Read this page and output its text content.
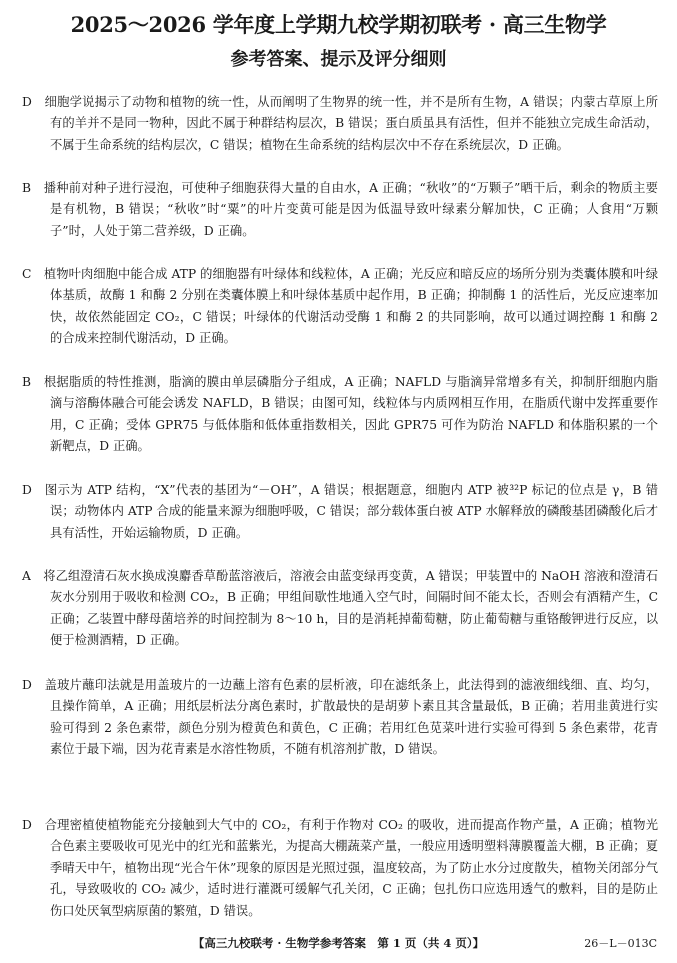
2025～2026 学年度上学期九校学期初联考 · 高三生物学
参考答案、提示及评分细则

D　 细胞学说揭示了动物和植物的统一性，从而阐明了生物界的统一性，并不是所有生物，A 错误；内蒙古草原上所有的羊并不是同一物种，因此不属于种群结构层次，B 错误；蛋白质虽具有活性，但并不能独立完成生命活动，不属于生命系统的结构层次，C 错误；植物在生命系统的结构层次中不存在系统层次，D 正确。

B　 播种前对种子进行浸泡，可使种子细胞获得大量的自由水，A 正确；“秋收”的“万颗子”晒干后，剩余的物质主要是有机物，B 错误；“秋收”时“粟”的叶片变黄可能是因为低温导致叶绿素分解加快，C 正确；人食用“万颗子”时，人处于第二营养级，D 正确。

C　 植物叶肉细胞中能合成 ATP 的细胞器有叶绿体和线粒体，A 正确；光反应和暗反应的场所分别为类囊体膜和叶绿体基质，故酶 1 和酶 2 分别在类囊体膜上和叶绿体基质中起作用，B 正确；抑制酶 1 的活性后，光反应速率加快，故依然能固定 CO₂，C 错误；叶绿体的代谢活动受酶 1 和酶 2 的共同影响，故可以通过调控酶 1 和酶 2 的合成来控制代谢活动，D 正确。

B　 根据脂质的特性推测，脂滴的膜由单层磷脂分子组成，A 正确；NAFLD 与脂滴异常增多有关，抑制肝细胞内脂滴与溶酶体融合可能会诱发 NAFLD，B 错误；由图可知，线粒体与内质网相互作用，在脂质代谢中发挥重要作用，C 正确；受体 GPR75 与低体脂和低体重指数相关，因此 GPR75 可作为防治 NAFLD 和体脂积累的一个新靶点，D 正确。

D　 图示为 ATP 结构，“X”代表的基团为“－OH”，A 错误；根据题意，细胞内 ATP 被³²P 标记的位点是 γ，B 错误；动物体内 ATP 合成的能量来源为细胞呼吸，C 错误；部分载体蛋白被 ATP 水解释放的磷酸基团磷酸化后才具有活性，开始运输物质，D 正确。

A　 将乙组澄清石灰水换成溴麝香草酚蓝溶液后，溶液会由蓝变绿再变黄，A 错误；甲装置中的 NaOH 溶液和澄清石灰水分别用于吸收和检测 CO₂，B 正确；甲组间歇性地通入空气时，间隔时间不能太长，否则会有酒精产生，C 正确；乙装置中酵母菌培养的时间控制为 8～10 h，目的是消耗掉葡萄糖，防止葡萄糖与重铬酸钾进行反应，以便于检测酒精，D 正确。

D　 盖玻片蘸印法就是用盖玻片的一边蘸上溶有色素的层析液，印在滤纸条上，此法得到的滤液细线细、直、均匀，且操作简单，A 正确；用纸层析法分离色素时，扩散最快的是胡萝卜素且其含量最低，B 正确；若用韭黄进行实验可得到 2 条色素带，颜色分别为橙黄色和黄色，C 正确；若用红色苋菜叶进行实验可得到 5 条色素带，花青素位于最下端，因为花青素是水溶性物质，不随有机溶剂扩散，D 错误。

D　 合理密植使植物能充分接触到大气中的 CO₂，有利于作物对 CO₂ 的吸收，进而提高作物产量，A 正确；植物光合色素主要吸收可见光中的红光和蓝紫光，为提高大棚蔬菜产量，一般应用透明塑料薄膜覆盖大棚，B 正确；夏季晴天中午，植物出现“光合午休”现象的原因是光照过强，温度较高，为了防止水分过度散失，植物关闭部分气孔，导致吸收的 CO₂ 减少，适时进行灌溉可缓解气孔关闭，C 正确；包扎伤口应选用透气的敷料，目的是防止伤口处厌氧型病原菌的繁殖，D 错误。

【高三九校联考 · 生物学参考答案　第 1 页（共 4 页）】	26－L－013C
